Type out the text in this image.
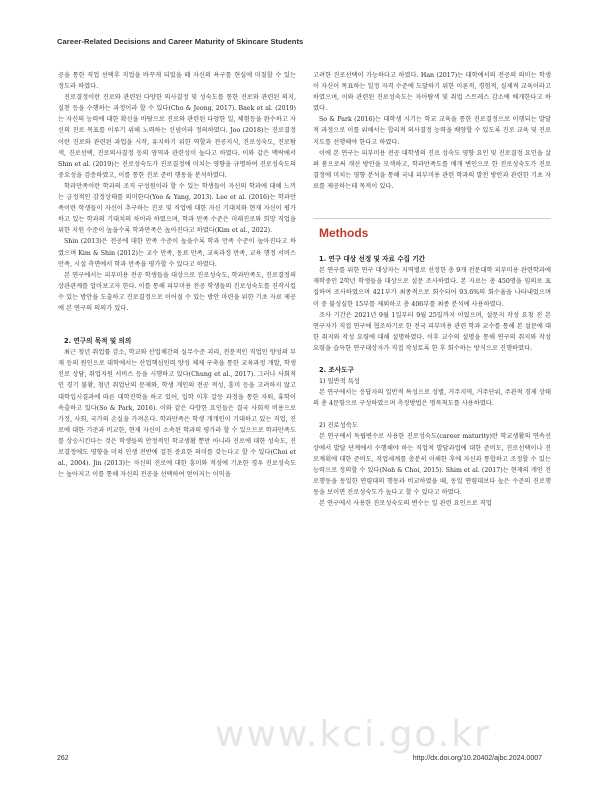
Career-Related Decisions and Career Maturity of Skincare Students

공을 통한 직업 선택후 직업을 바꾸게 되었을 때 자신의 욕구를 현실에 미칠할 수 있는 정도라 하였다.

진로결정이란 진로와 관련된 다양한 의사결정 및 성숙도를 통한 진로와 관련된 의지, 실천 등을 수행하는 과정이라 할 수 있다(Cho & Jeong, 2017). Baek et al. (2019)는 자신의 능력에 대한 확신을 바탕으로 진로와 관련된 다양한 일, 체험등을 완수하고 자신의 진로 목표를 이루기 위해 노력하는 신념이라 정의하였다. Joo (2018)는 진로결정이란 진로와 관련된 과업을 시작, 유지하기 위한 역할과 전공지식, 진로성숙도, 진로탐색, 진로선택, 진로의사결정 등의 영역과 관련성이 높다고 하였다. 이와 같은 맥락에서 Shin et al. (2019)는 진로성숙도가 진로결정에 미치는 영향을 규명하여 진로성숙도의 중요성을 검증하였고, 이를 통한 진로 준비 행동을 분석하였다.

학과만족이란 학과의 조직 구성원이라 할 수 있는 학생들이 자신의 학과에 대해 느끼는 긍정적인 감정상태를 의미한다(Yoo & Yang, 2013). Lee et al. (2016)는 학과만족이란 학생들이 자신이 추구하는 진로 및 직업에 대한 자신 기대치와 현재 자신이 평가하고 있는 학과의 기대치의 차이라 하였으며, 학과 만족 수준은 미래진로와 희망 직업을 위한 지원 수준이 높을수록 학과만족은 높아진다고 하였다(Kim et al., 2022).

Shin (2013)은 전공에 대한 만족 수준이 높을수록 학과 만족 수준이 높아진다고 하였으며 Kim & Shin (2012)는 교수 만족, 동료 만족, 교육과정 만족, 교육 행정 서비스 만족, 시설 측면에서 학과 만족을 평가할 수 있다고 하였다.

본 연구에서는 피부미용 전공 학생들을 대상으로 진로성숙도, 학과만족도, 진로결정의 상관관계를 알아보고자 한다. 이를 통해 피부미용 전공 학생들의 진로성숙도를 진작시킬 수 있는 방안을 도출하고 진로결정으로 이어질 수 있는 방안 마련을 위한 기초 자료 제공에 본 연구의 의의가 있다.

2. 연구의 목적 및 의의

최근 청년 취업률 감소, 학교와 산업체간의 실무수준 괴리, 전문적인 직업인 양성의 부재 등의 원인으로 대학에서는 산업핵심인력 양성 체제 구축을 통한 교육과정 개발, 학생 진로 상담, 취업지원 서비스 등을 시행하고 있다(Chung et al., 2017). 그러나 사회적인 경기 불황, 청년 취업난의 문제와, 학생 개인의 전공 적성, 흥미 등을 고려하지 않고 대학입시결과에 따른 대학진학을 하고 있어, 입학 이후 갈등 과정을 통한 자퇴, 휴학이 속출하고 있다(So & Park, 2016). 이와 같은 다양한 요인들은 결국 사회적 비용으로 가정, 사회, 국가의 손실을 가져온다. 학과만족은 학생 개개인이 기대하고 있는 직업, 진로에 대한 기준과 비교한, 현재 자신이 소속된 학과의 평가라 할 수 있으므로 학과만족도를 상승시킨다는 것은 학생들의 안정적인 학교생활 뿐만 아니라 진로에 대한 성숙도, 진로결정에도 영향을 미쳐 인생 전반에 걸친 중요한 의미를 갖는다고 할 수 있다(Choi et al., 2004). Jin (2013)는 자신의 진로에 대한 흥미와 적성에 기초한 경우 진로성숙도는 높아지고 이를 통해 자신의 전공을 선택하여 얻어지는 이익을

고려한 진로선택이 가능하다고 하였다. Han (2017)는 대학에서의 전공의 의미는 학생이 자신이 목표하는 일정 자격 수준에 도달하기 위한 이론적, 경험적, 실제적 교육이라고 하였으며, 이와 관련된 진로성숙도는 자아탐색 및 취업 스트레스 감소에 배개한다고 하였다.

So & Park (2016)는 대학생 시기는 학교 교육을 통한 진로결정으로 이행되는 발달적 과정으로 이를 위해서는 합리적 의사결정 능력을 배양할 수 있도록 진로 교육 및 진로지도를 선행해야 한다고 하였다.

이에 본 연구는 피부미용 전공 대학생의 진로 성숙도 영향 요인 및 진로결정 요인을 살펴 봄으로써 개선 방안을 모색하고, 학과만족도를 매개 변인으로 한 진로성숙도가 진로결정에 미치는 영향 분석을 통해 국내 피부미용 관련 학과의 발전 방안과 관련한 기초 자료를 제공하는데 목적이 있다.

Methods

1. 연구 대상 선정 및 자료 수집 기간

본 연구를 위한 연구 대상자는 지역별로 선정한 총 9개 전문대학 피부미용 관련학과에 재학중인 2학년 학생들을 대상으로 설문 조사하였다. 본 자료는 총 450명을 임의로 표집하여 조사하였으며 421부가 최종적으로 회수되어 93.6%의 회수율을 나타내었으며 이 중 불성실한 15부를 제외하고 총 406부를 최종 분석에 사용하였다.

조사 기간은 2021년 9월 1일부터 9월 25일까지 이었으며, 설문지 작성 요청 전 본 연구자가 직접 연구에 협조하기로 한 전국 피부미용 관련 학과 교수를 통해 본 설문에 대한 취지와 작성 요령에 대해 설명하였다. 이후 교수의 설명을 통해 연구의 취지와 작성 요령을 습득한 연구대상자가 직접 작성토록 한 후 회수하는 방식으로 진행하였다.

2. 조사도구

1) 일반적 특성

본 연구에서는 응답자의 일반적 특성으로 성별, 거주지역, 거주단위, 주관적 경제 상태의 총 4문항으로 구성하였으며 측정방법은 명목척도를 사용하였다.

2) 진로성숙도

본 연구에서 독립변수로 사용한 진로성숙도(career maturity)란 학교생활의 연속선상에서 발달 단계에서 수행해야 하는 직업적 발달과업에 대한 준비도, 진로선택이나 진로계획에 대한 준비도, 직업세계를 충분히 이해한 후에 자신과 통합하고 조정할 수 있는 능력으로 정의할 수 있다(Noh & Choi, 2015). Shim et al. (2017)는 현재의 개인 진로행동을 동일한 연령대의 행동과 비교하였을 때, 동일 연령대보다 높은 수준의 진로행동을 보이면 진로성숙도가 높다고 할 수 있다고 하였다.

본 연구에서 사용한 진로성숙도의 변수는 일 관련 요인으로 직업

www.kci.go.kr
262	http://dx.doi.org/10.20402/ajbc.2024.0007
